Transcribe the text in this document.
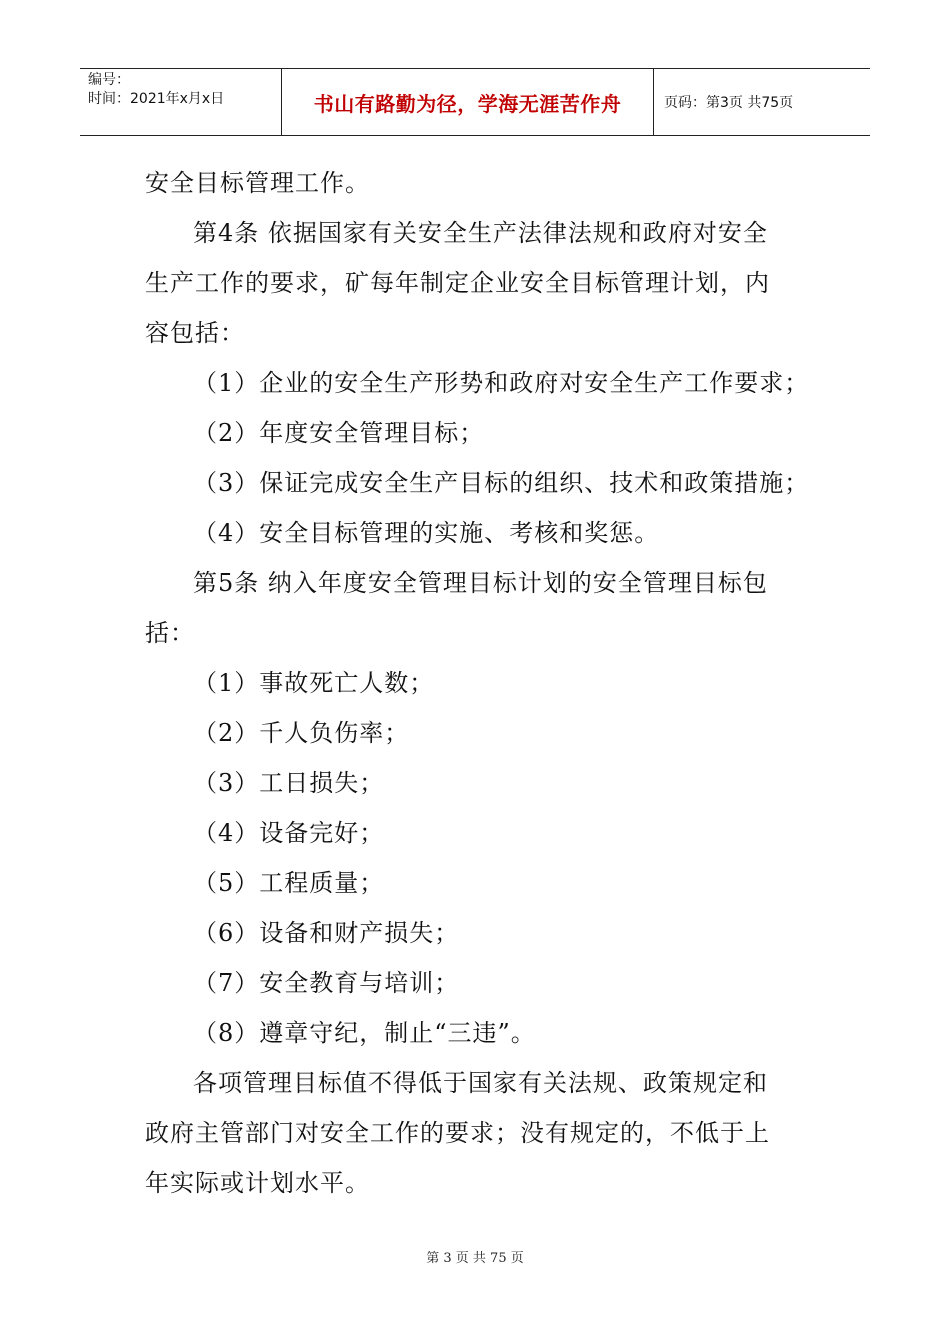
编号：
时间：2021年x月x日	书山有路勤为径，学海无涯苦作舟	页码：第3页 共75页

安全目标管理工作。

第4条 依据国家有关安全生产法律法规和政府对安全

生产工作的要求，矿每年制定企业安全目标管理计划，内

容包括：

（1）企业的安全生产形势和政府对安全生产工作要求；

（2）年度安全管理目标；

（3）保证完成安全生产目标的组织、技术和政策措施；

（4）安全目标管理的实施、考核和奖惩。

第5条 纳入年度安全管理目标计划的安全管理目标包

括：

（1）事故死亡人数；

（2）千人负伤率；

（3）工日损失；

（4）设备完好；

（5）工程质量；

（6）设备和财产损失；

（7）安全教育与培训；

（8）遵章守纪，制止“三违”。

各项管理目标值不得低于国家有关法规、政策规定和

政府主管部门对安全工作的要求；没有规定的，不低于上

年实际或计划水平。

第 3 页 共 75 页
